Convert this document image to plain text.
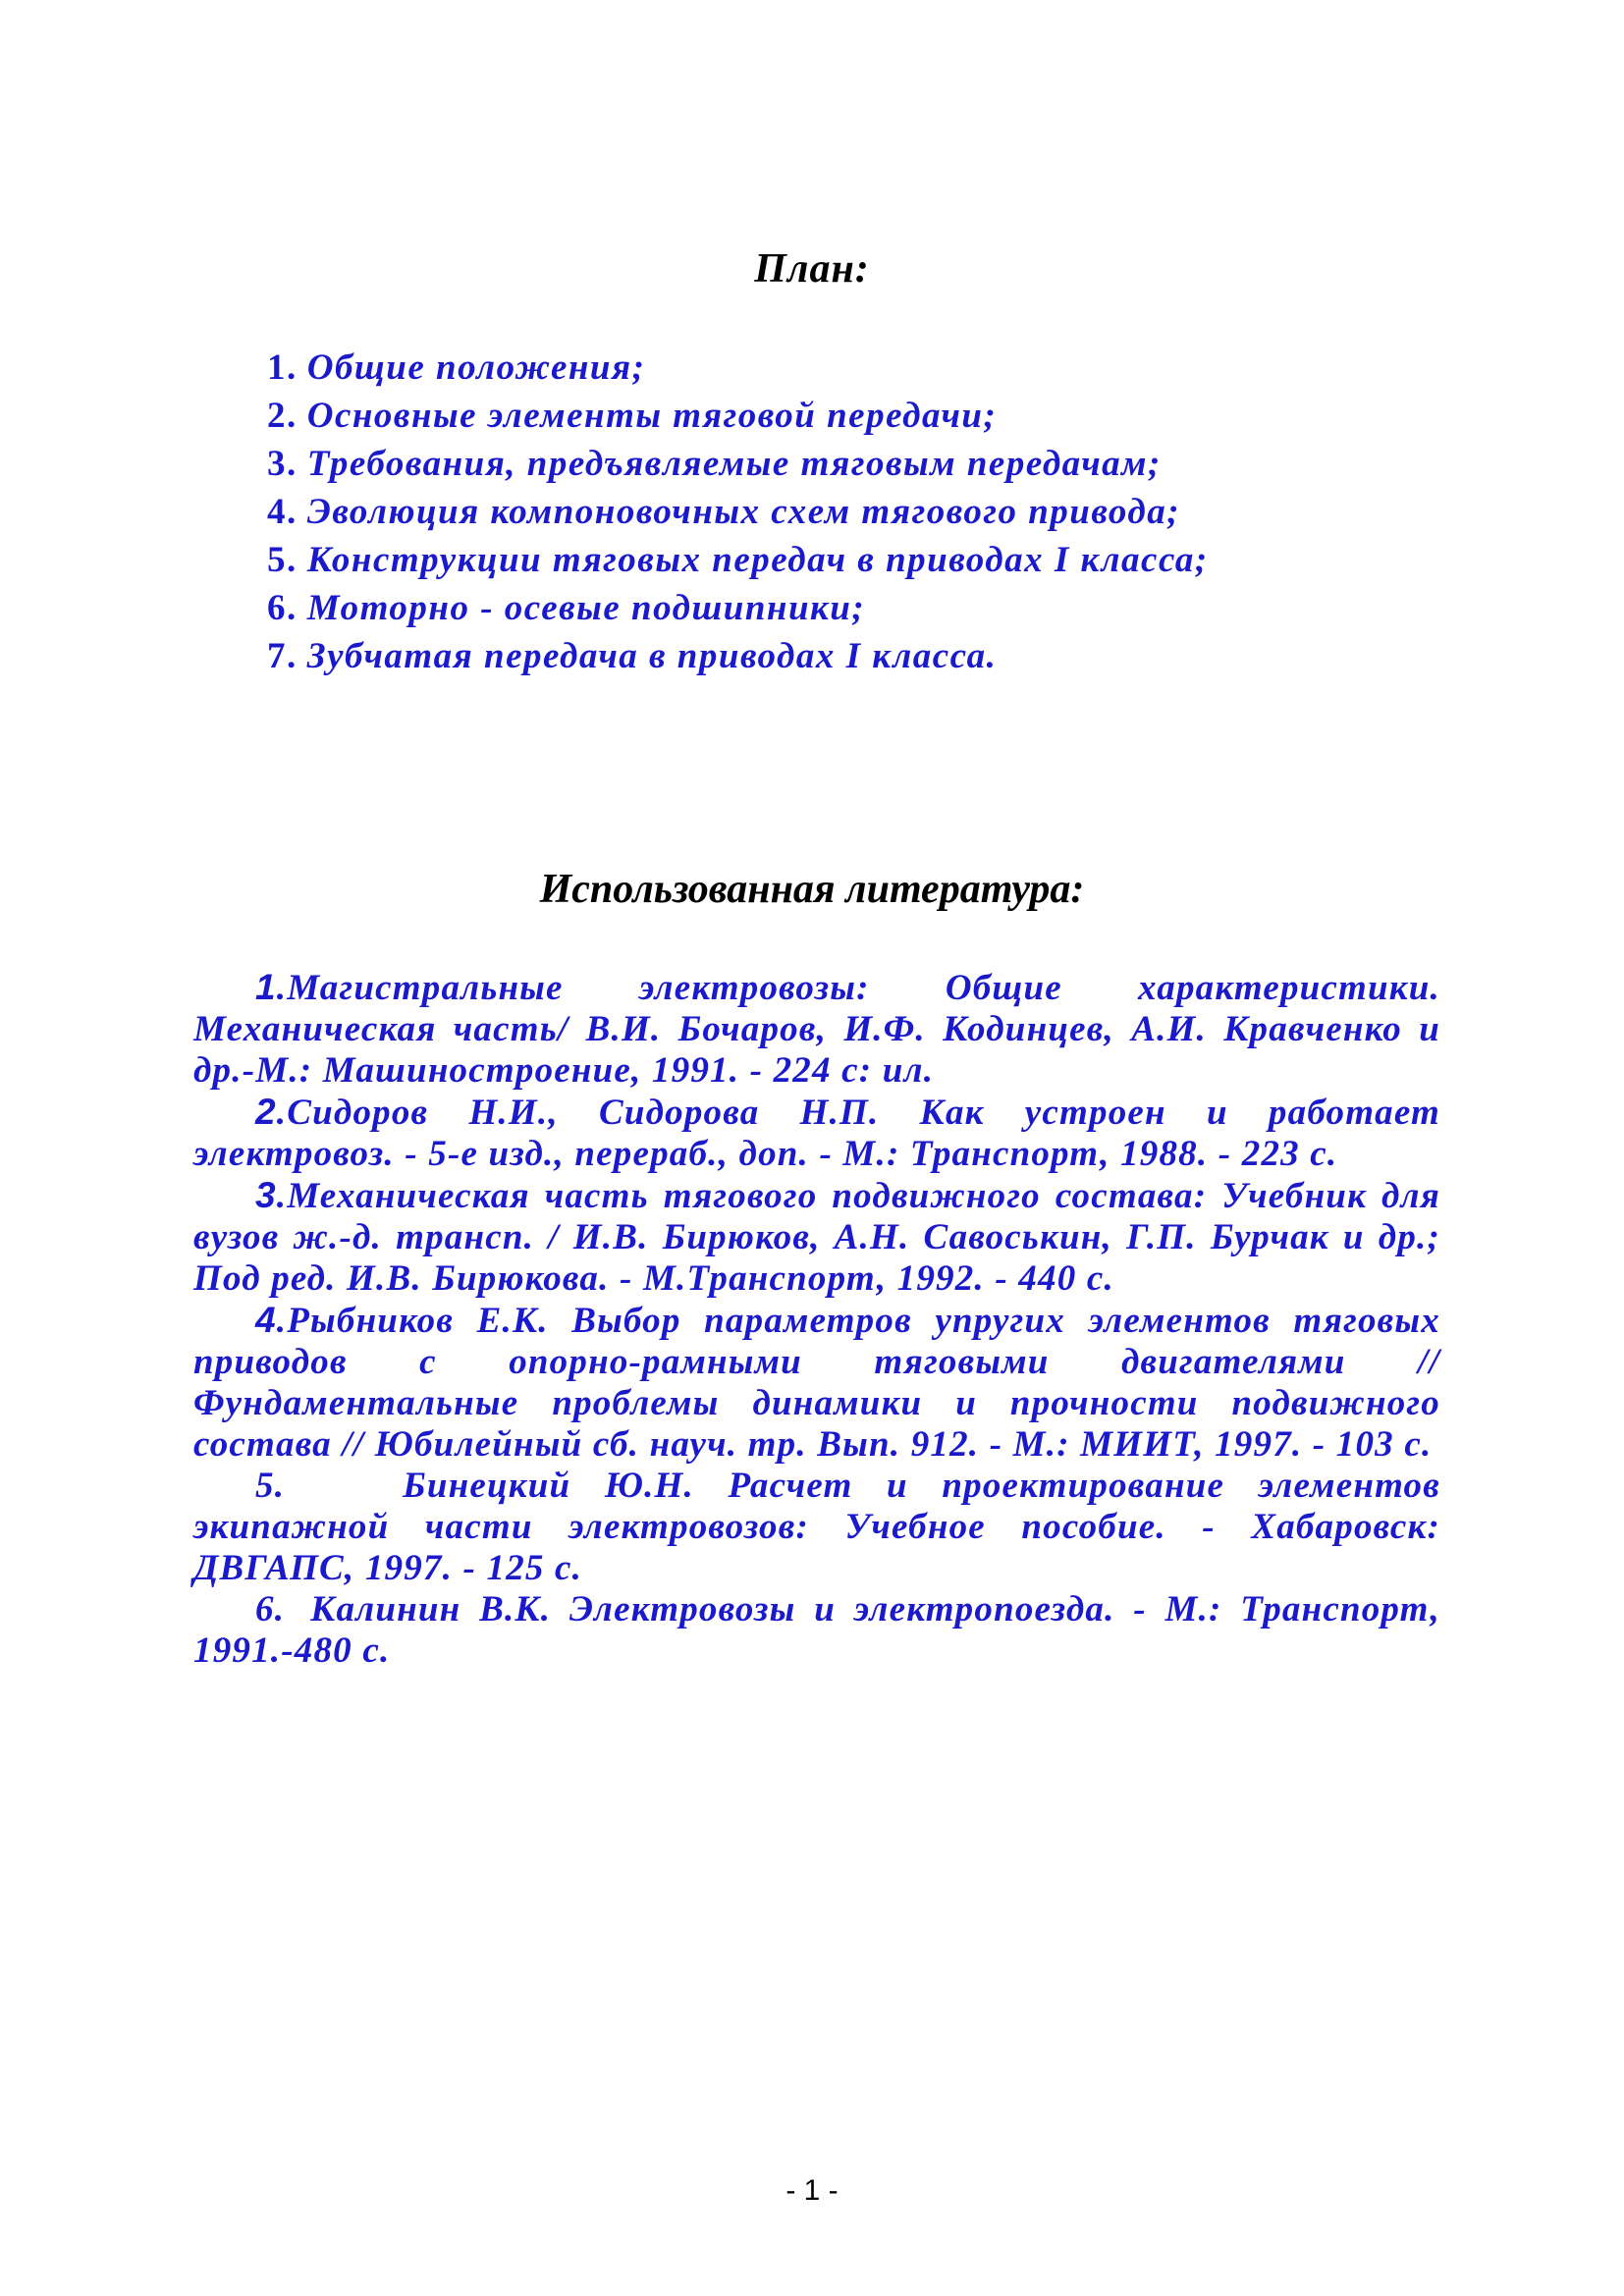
План:
1. Общие положения;
2. Основные элементы тяговой передачи;
3. Требования, предъявляемые тяговым передачам;
4. Эволюция компоновочных схем тягового привода;
5. Конструкции тяговых передач в приводах I класса;
6. Моторно - осевые подшипники;
7. Зубчатая передача в приводах I класса.
Использованная литература:

1.Магистральные электровозы: Общие характеристики. Механическая часть/ В.И. Бочаров, И.Ф. Кодинцев, А.И. Кравченко и др.-М.: Машиностроение, 1991. - 224 с: ил.

2.Сидоров Н.И., Сидорова Н.П. Как устроен и работает электровоз. - 5-е изд., перераб., доп. - М.: Транспорт, 1988. - 223 с.

3.Механическая часть тягового подвижного состава: Учебник для вузов ж.-д. трансп. / И.В. Бирюков, А.Н. Савоськин, Г.П. Бурчак и др.; Под ред. И.В. Бирюкова. - М.Транспорт, 1992. - 440 с.

4.Рыбников Е.К. Выбор параметров упругих элементов тяговых приводов с опорно-рамными тяговыми двигателями // Фундаментальные проблемы динамики и прочности подвижного состава // Юбилейный сб. науч. тр. Вып. 912. - М.: МИИТ, 1997. - 103 с.

5.	Бинецкий Ю.Н. Расчет и проектирование элементов экипажной части электровозов: Учебное пособие. - Хабаровск: ДВГАПС, 1997. - 125 с.

6. Калинин В.К. Электровозы и электропоезда. - М.: Транспорт, 1991.-480 с.

- 1 -
